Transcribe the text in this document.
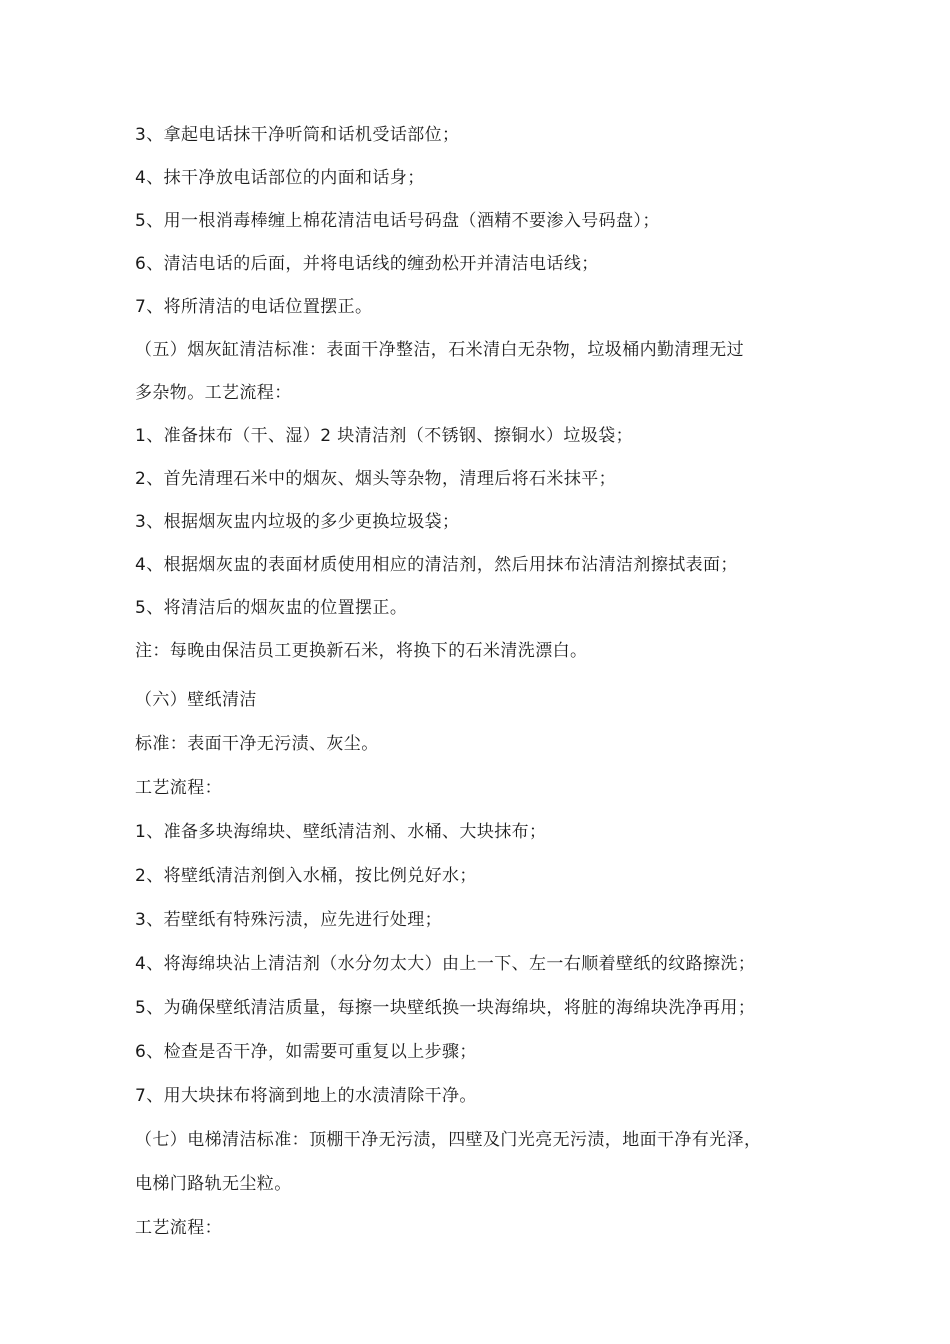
3、拿起电话抹干净听筒和话机受话部位；
4、抹干净放电话部位的内面和话身；
5、用一根消毒棒缠上棉花清洁电话号码盘（酒精不要渗入号码盘）；
6、清洁电话的后面，并将电话线的缠劲松开并清洁电话线；
7、将所清洁的电话位置摆正。
（五）烟灰缸清洁标准：表面干净整洁，石米清白无杂物，垃圾桶内勤清理无过
多杂物。工艺流程：
1、准备抹布（干、湿）2 块清洁剂（不锈钢、擦铜水）垃圾袋；
2、首先清理石米中的烟灰、烟头等杂物，清理后将石米抹平；
3、根据烟灰盅内垃圾的多少更换垃圾袋；
4、根据烟灰盅的表面材质使用相应的清洁剂，然后用抹布沾清洁剂擦拭表面；
5、将清洁后的烟灰盅的位置摆正。
注：每晚由保洁员工更换新石米，将换下的石米清洗漂白。
（六）壁纸清洁
标准：表面干净无污渍、灰尘。
工艺流程：
1、准备多块海绵块、壁纸清洁剂、水桶、大块抹布；
2、将壁纸清洁剂倒入水桶，按比例兑好水；
3、若壁纸有特殊污渍，应先进行处理；
4、将海绵块沾上清洁剂（水分勿太大）由上一下、左一右顺着壁纸的纹路擦洗；
5、为确保壁纸清洁质量，每擦一块壁纸换一块海绵块，将脏的海绵块洗净再用；
6、检查是否干净，如需要可重复以上步骤；
7、用大块抹布将滴到地上的水渍清除干净。
（七）电梯清洁标准：顶棚干净无污渍，四壁及门光亮无污渍，地面干净有光泽，
电梯门路轨无尘粒。
工艺流程：
